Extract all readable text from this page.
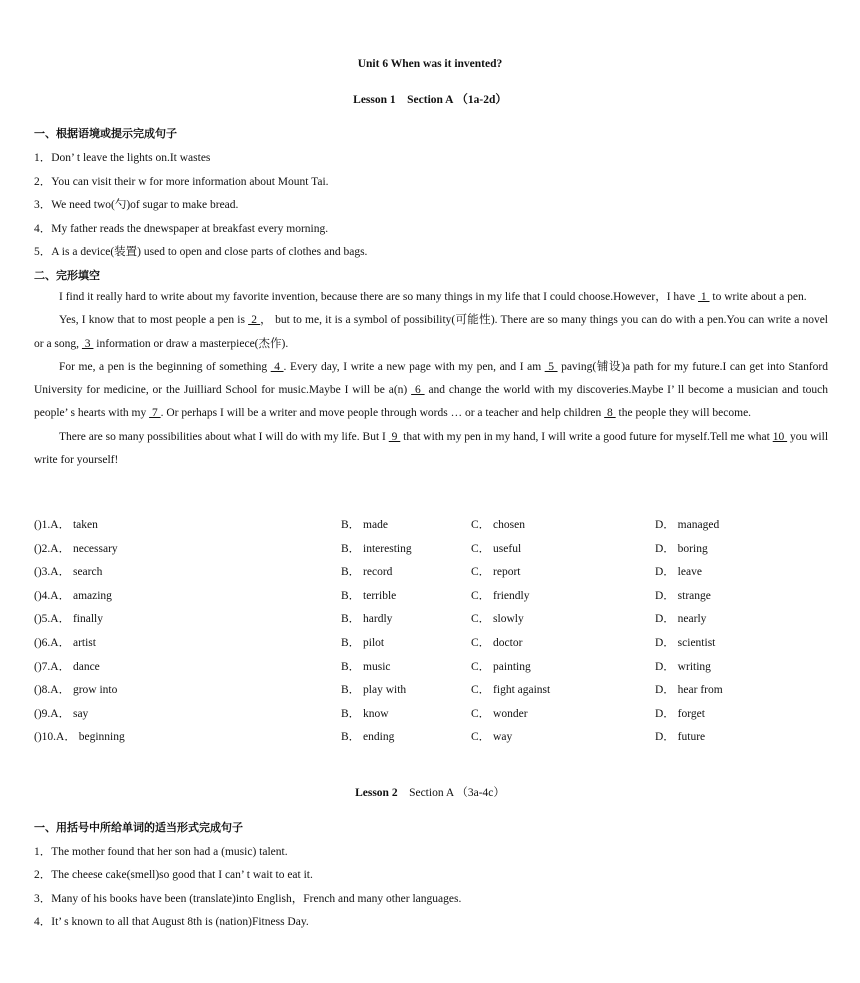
Unit 6 When was it invented?
Lesson 1 Section A （1a-2d）
一、根据语境或提示完成句子
1．Don’ t leave the lights on.It wastes
2．You can visit their w for more information about Mount Tai.
3．We need two(勺)of sugar to make bread.
4．My father reads the dnewspaper at breakfast every morning.
5．A is a device(装置) used to open and close parts of clothes and bags.
二、完形填空

I find it really hard to write about my favorite invention, because there are so many things in my life that I could choose.However，I have  1  to write about a pen.

Yes, I know that to most people a pen is  2 ， but to me, it is a symbol of possibility(可能性). There are so many things you can do with a pen.You can write a novel or a song,  3  information or draw a masterpiece(杰作).

For me, a pen is the beginning of something  4 . Every day, I write a new page with my pen, and I am  5  paving(铺设)a path for my future.I can get into Stanford University for medicine, or the Juilliard School for music.Maybe I will be a(n)  6  and change the world with my discoveries.Maybe I’ ll become a musician and touch people’ s hearts with my  7 . Or perhaps I will be a writer and move people through words … or a teacher and help children  8  the people they will become.

There are so many possibilities about what I will do with my life. But I  9  that with my pen in my hand, I will write a good future for myself.Tell me what 10  you will write for yourself!

()1.A． taken	B． made	C． chosen	D． managed
()2.A． necessary	B． interesting	C． useful	D． boring
()3.A． search	B． record	C． report	D． leave
()4.A． amazing	B． terrible	C． friendly	D． strange
()5.A． finally	B． hardly	C． slowly	D． nearly
()6.A． artist	B． pilot	C． doctor	D． scientist
()7.A． dance	B． music	C． painting	D． writing
()8.A． grow into	B． play with	C． fight against	D． hear from
()9.A． say	B． know	C． wonder	D． forget
()10.A． beginning	B． ending	C． way	D． future
Lesson 2 Section A （3a-4c）
一、用括号中所给单词的适当形式完成句子
1．The mother found that her son had a (music) talent.
2．The cheese cake(smell)so good that I can’ t wait to eat it.
3．Many of his books have been (translate)into English，French and many other languages.
4．It’ s known to all that August 8th is (nation)Fitness Day.
